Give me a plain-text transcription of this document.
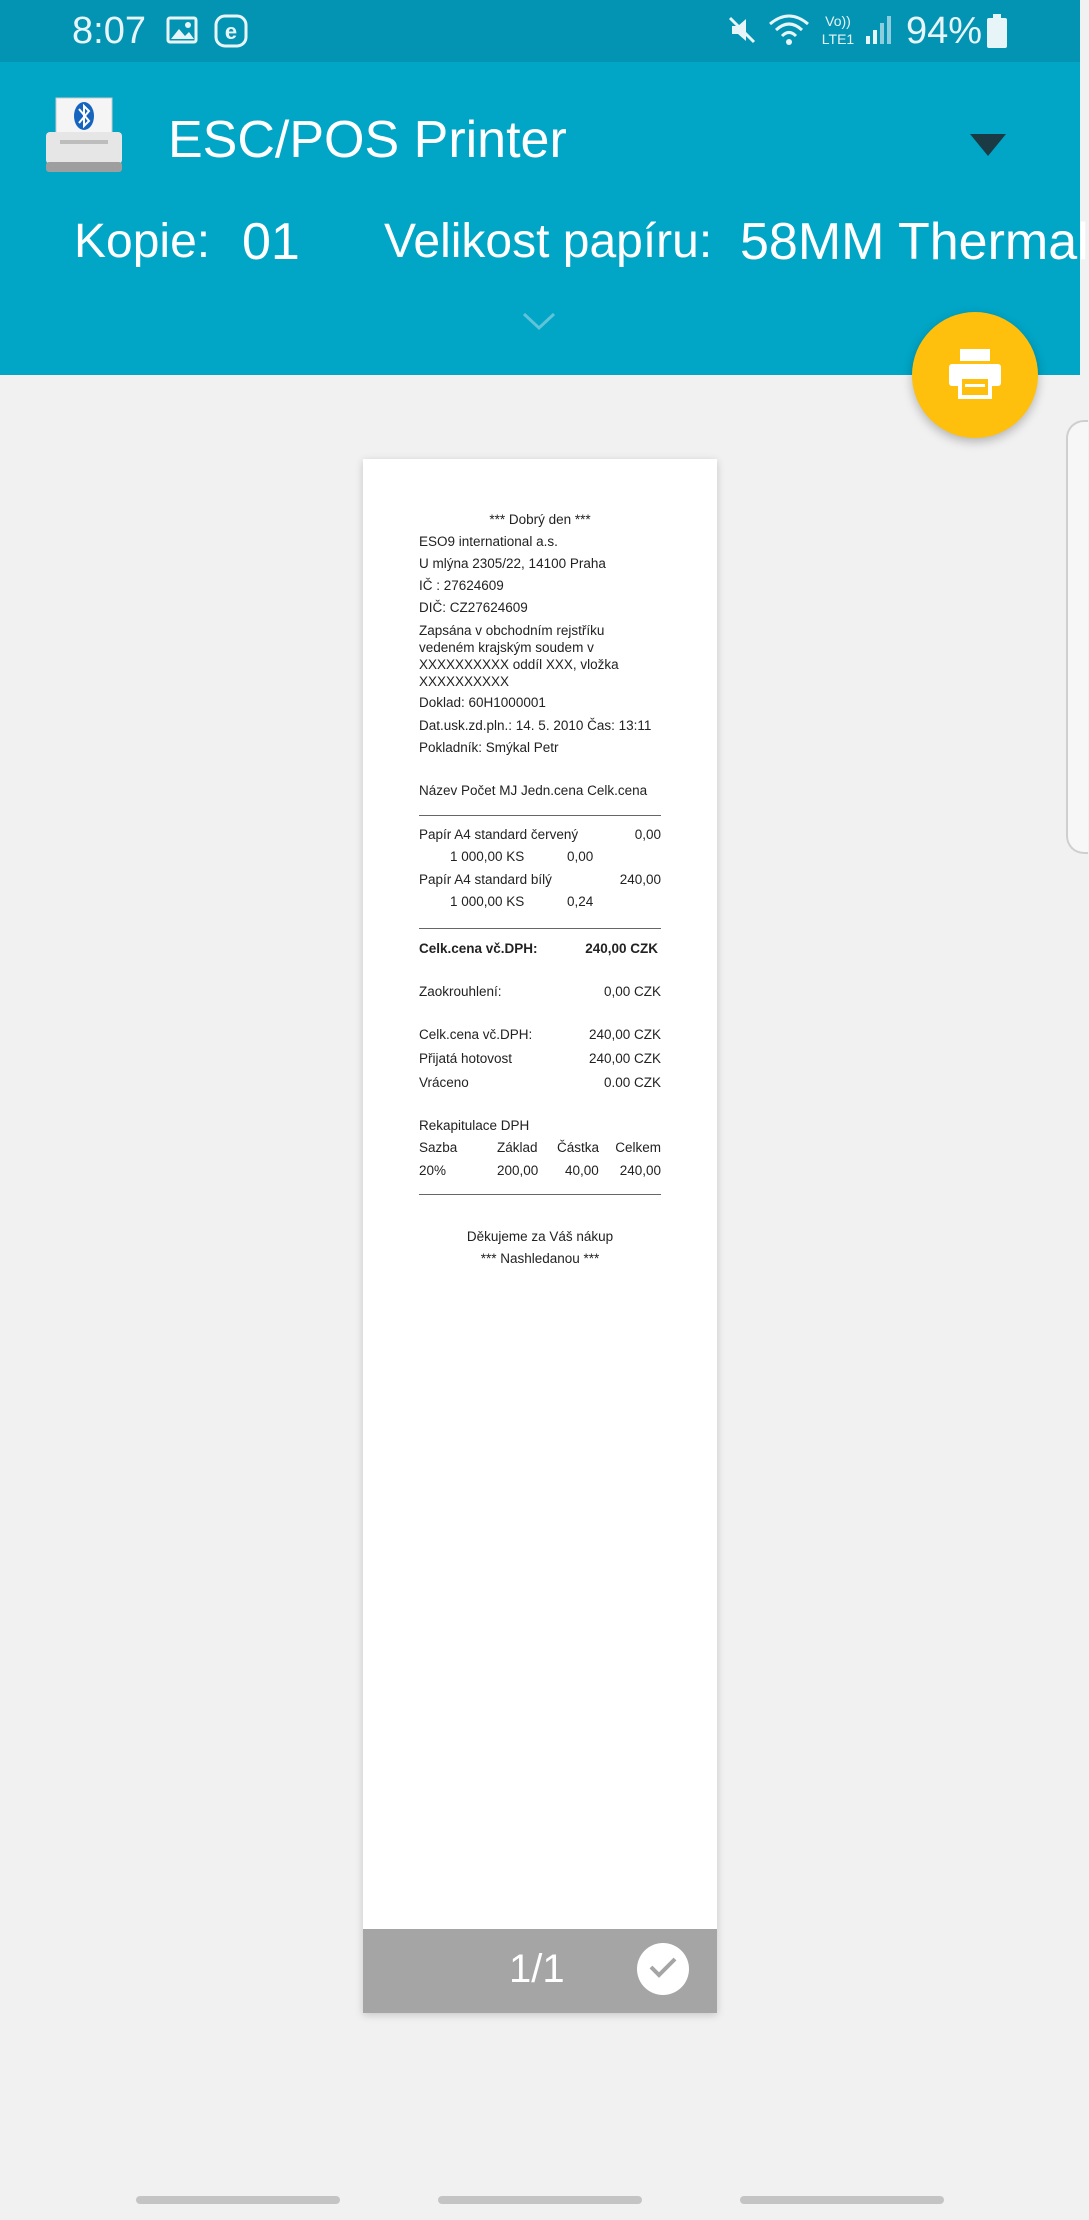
8:07	e	Vo))
LTE1 94%
ESC/POS Printer
Kopie: 01 Velikost papíru: 58MM Thermal
*** Dobrý den ***
ESO9 international a.s.
U mlýna 2305/22, 14100 Praha
IČ : 27624609
DIČ: CZ27624609
Zapsána v obchodním rejstříku
vedeném krajským soudem v
XXXXXXXXXX oddíl XXX, vložka
XXXXXXXXXX
Doklad: 60H1000001
Dat.usk.zd.pln.: 14. 5. 2010 Čas: 13:11
Pokladník: Smýkal Petr
Název Počet MJ Jedn.cena Celk.cena
Papír A4 standard červený	0,00
1 000,00 KS	0,00
Papír A4 standard bílý	240,00
1 000,00 KS	0,24
Celk.cena vč.DPH:	240,00 CZK
Zaokrouhlení:	0,00 CZK
Celk.cena vč.DPH:	240,00 CZK
Přijatá hotovost	240,00 CZK
Vráceno	0.00 CZK
Rekapitulace DPH
Sazba	Základ Částka Celkem
20%	200,00 40,00 240,00
Děkujeme za Váš nákup
*** Nashledanou ***
1/1
